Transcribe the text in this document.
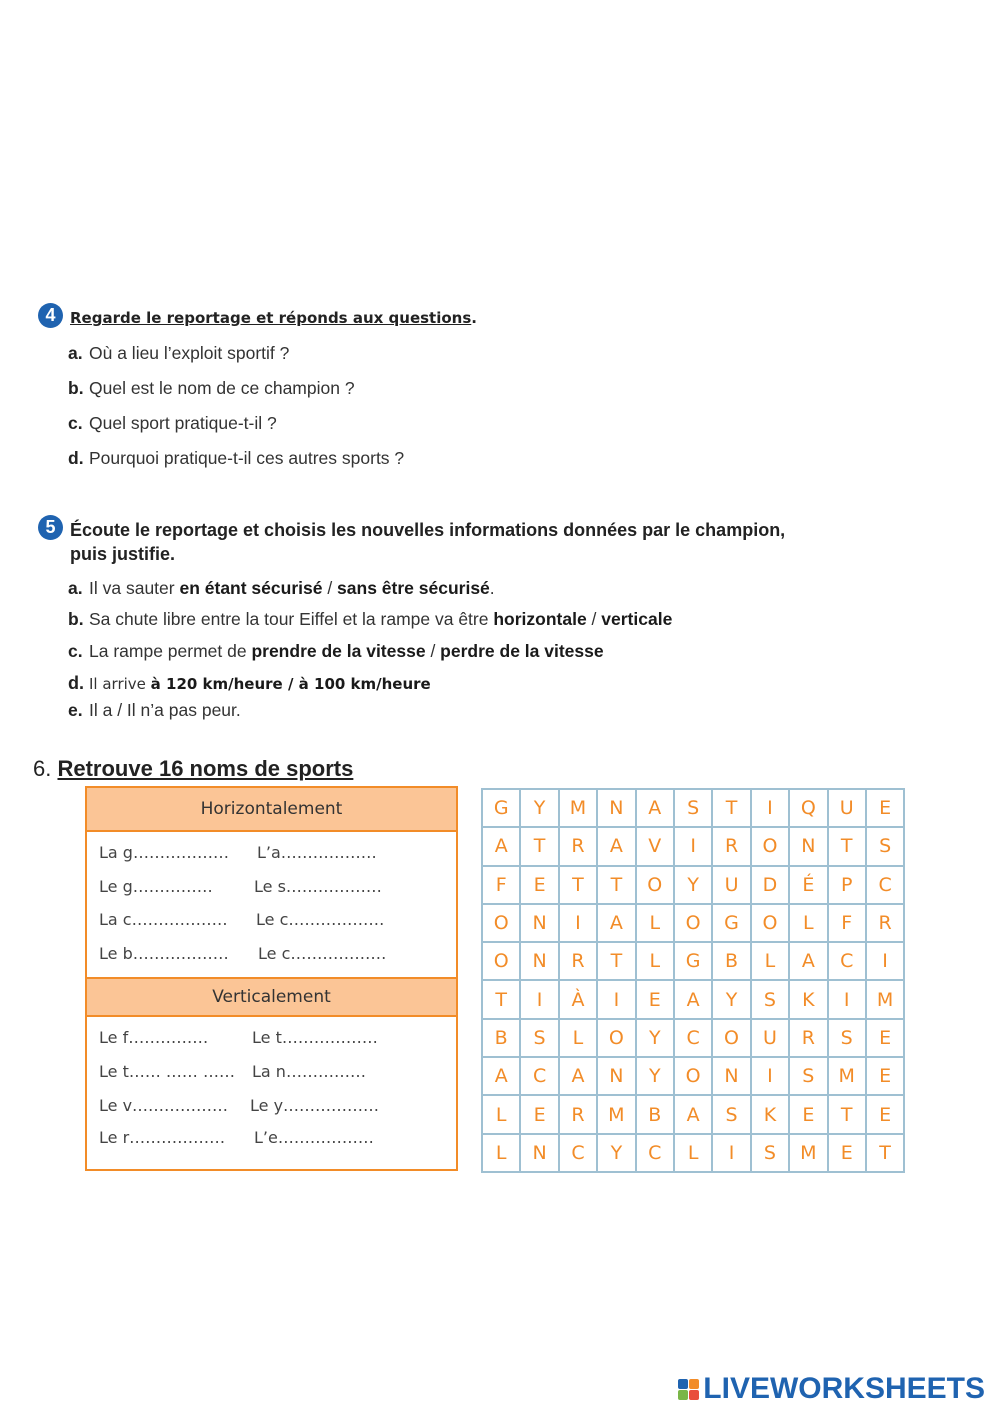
4 Regarde le reportage et réponds aux questions.
a. Où a lieu l’exploit sportif ?
b. Quel est le nom de ce champion ?
c. Quel sport pratique-t-il ?
d. Pourquoi pratique-t-il ces autres sports ?
5 Écoute le reportage et choisis les nouvelles informations données par le champion,
puis justifie.
a. Il va sauter en étant sécurisé / sans être sécurisé.
b. Sa chute libre entre la tour Eiffel et la rampe va être horizontale / verticale
c. La rampe permet de prendre de la vitesse / perdre de la vitesse
d. Il arrive à 120 km/heure / à 100 km/heure
e. Il a / Il n’a pas peur.
6. Retrouve 16 noms de sports
Horizontalement
La g……………… L’a………………
Le g……………	Le s………………
La c……………… Le c………………
Le b……………… Le c………………
Verticalement
Le f……………	Le t………………
Le t…… …… …… La n……………
Le v……………… Le y………………
Le r……………… L’e………………
G	Y	M	N	A	S	T	I	Q	U	E
A	T	R	A	V	I	R	O	N	T	S
F	E	T	T	O	Y	U	D	É	P	C
O	N	I	A	L	O	G	O	L	F	R
O	N	R	T	L	G	B	L	A	C	I
T	I	À	I	E	A	Y	S	K	I	M
B	S	L	O	Y	C	O	U	R	S	E
A	C	A	N	Y	O	N	I	S	M	E
L	E	R	M	B	A	S	K	E	T	E
L	N	C	Y	C	L	I	S	M	E	T
LIVEWORKSHEETS
